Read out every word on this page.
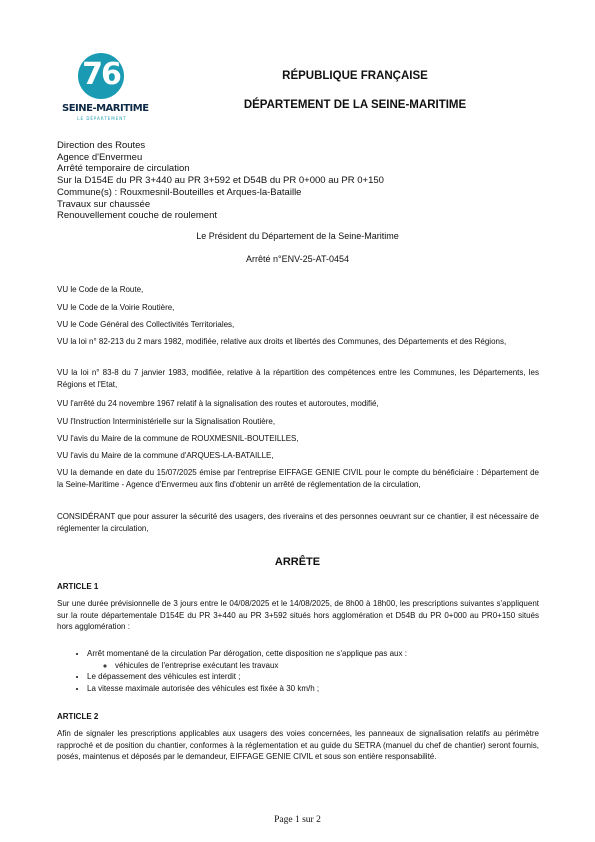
76
SEINE-MARITIME
LE DÉPARTEMENT
RÉPUBLIQUE FRANÇAISE
DÉPARTEMENT DE LA SEINE-MARITIME
Direction des Routes
Agence d'Envermeu
Arrêté temporaire de circulation
Sur la D154E du PR 3+440 au PR 3+592 et D54B du PR 0+000 au PR 0+150
Commune(s) : Rouxmesnil-Bouteilles et Arques-la-Bataille
Travaux sur chaussée
Renouvellement couche de roulement
Le Président du Département de la Seine-Maritime
Arrêté n°ENV-25-AT-0454
VU le Code de la Route,
VU le Code de la Voirie Routière,
VU le Code Général des Collectivités Territoriales,
VU la loi n° 82-213 du 2 mars 1982, modifiée, relative aux droits et libertés des Communes, des Départements et des Régions,
VU la loi n° 83-8 du 7 janvier 1983, modifiée, relative à la répartition des compétences entre les Communes, les Départements, les Régions et l'Etat,
VU l'arrêté du 24 novembre 1967 relatif à la signalisation des routes et autoroutes, modifié,
VU l'Instruction Interministérielle sur la Signalisation Routière,
VU l'avis du Maire de la commune de ROUXMESNIL-BOUTEILLES,
VU l'avis du Maire de la commune d'ARQUES-LA-BATAILLE,
VU la demande en date du 15/07/2025 émise par l'entreprise EIFFAGE GENIE CIVIL pour le compte du bénéficiaire : Département de la Seine-Maritime - Agence d'Envermeu aux fins d'obtenir un arrêté de réglementation de la circulation,
CONSIDÉRANT que pour assurer la sécurité des usagers, des riverains et des personnes oeuvrant sur ce chantier, il est nécessaire de réglementer la circulation,
ARRÊTE
ARTICLE 1
Sur une durée prévisionnelle de 3 jours entre le 04/08/2025 et le 14/08/2025, de 8h00 à 18h00, les prescriptions suivantes s'appliquent sur la route départementale D154E du PR 3+440 au PR 3+592 situés hors agglomération et D54B du PR 0+000 au PR0+150 situés hors agglomération :
• Arrêt momentané de la circulation Par dérogation, cette disposition ne s'applique pas aux :
◦ véhicules de l'entreprise exécutant les travaux
• Le dépassement des véhicules est interdit ;
• La vitesse maximale autorisée des véhicules est fixée à 30 km/h ;
ARTICLE 2
Afin de signaler les prescriptions applicables aux usagers des voies concernées, les panneaux de signalisation relatifs au périmètre rapproché et de position du chantier, conformes à la réglementation et au guide du SETRA (manuel du chef de chantier) seront fournis, posés, maintenus et déposés par le demandeur, EIFFAGE GENIE CIVIL et sous son entière responsabilité.
Page 1 sur 2
